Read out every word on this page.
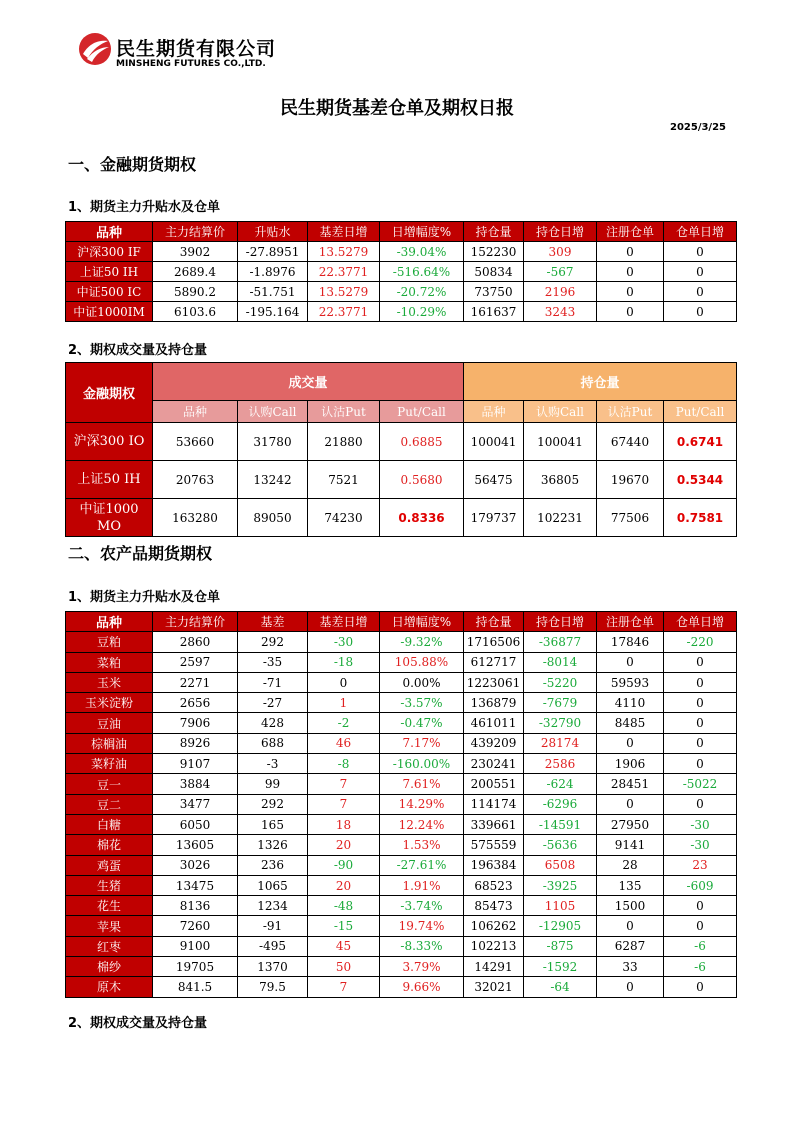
民生期货有限公司
MINSHENG FUTURES CO.,LTD.
民生期货基差仓单及期权日报
2025/3/25
一、金融期货期权
1、期货主力升贴水及仓单
品种	主力结算价	升贴水	基差日增	日增幅度%	持仓量	持仓日增	注册仓单	仓单日增
沪深300 IF	3902	-27.8951	13.5279	-39.04%	152230	309	0	0
上证50 IH	2689.4	-1.8976	22.3771	-516.64%	50834	-567	0	0
中证500 IC	5890.2	-51.751	13.5279	-20.72%	73750	2196	0	0
中证1000IM	6103.6	-195.164	22.3771	-10.29%	161637	3243	0	0
2、期权成交量及持仓量
金融期权	成交量				持仓量			
	品种	认购Call	认沽Put	Put/Call	品种	认购Call	认沽Put	Put/Call
沪深300 IO	53660	31780	21880	0.6885	100041	100041	67440	0.6741
上证50 IH	20763	13242	7521	0.5680	56475	36805	19670	0.5344
中证1000 MO	163280	89050	74230	0.8336	179737	102231	77506	0.7581
二、农产品期货期权
1、期货主力升贴水及仓单
品种	主力结算价	基差	基差日增	日增幅度%	持仓量	持仓日增	注册仓单	仓单日增
豆粕	2860	292	-30	-9.32%	1716506	-36877	17846	-220
菜粕	2597	-35	-18	105.88%	612717	-8014	0	0
玉米	2271	-71	0	0.00%	1223061	-5220	59593	0
玉米淀粉	2656	-27	1	-3.57%	136879	-7679	4110	0
豆油	7906	428	-2	-0.47%	461011	-32790	8485	0
棕榈油	8926	688	46	7.17%	439209	28174	0	0
菜籽油	9107	-3	-8	-160.00%	230241	2586	1906	0
豆一	3884	99	7	7.61%	200551	-624	28451	-5022
豆二	3477	292	7	14.29%	114174	-6296	0	0
白糖	6050	165	18	12.24%	339661	-14591	27950	-30
棉花	13605	1326	20	1.53%	575559	-5636	9141	-30
鸡蛋	3026	236	-90	-27.61%	196384	6508	28	23
生猪	13475	1065	20	1.91%	68523	-3925	135	-609
花生	8136	1234	-48	-3.74%	85473	1105	1500	0
苹果	7260	-91	-15	19.74%	106262	-12905	0	0
红枣	9100	-495	45	-8.33%	102213	-875	6287	-6
棉纱	19705	1370	50	3.79%	14291	-1592	33	-6
原木	841.5	79.5	7	9.66%	32021	-64	0	0
2、期权成交量及持仓量
